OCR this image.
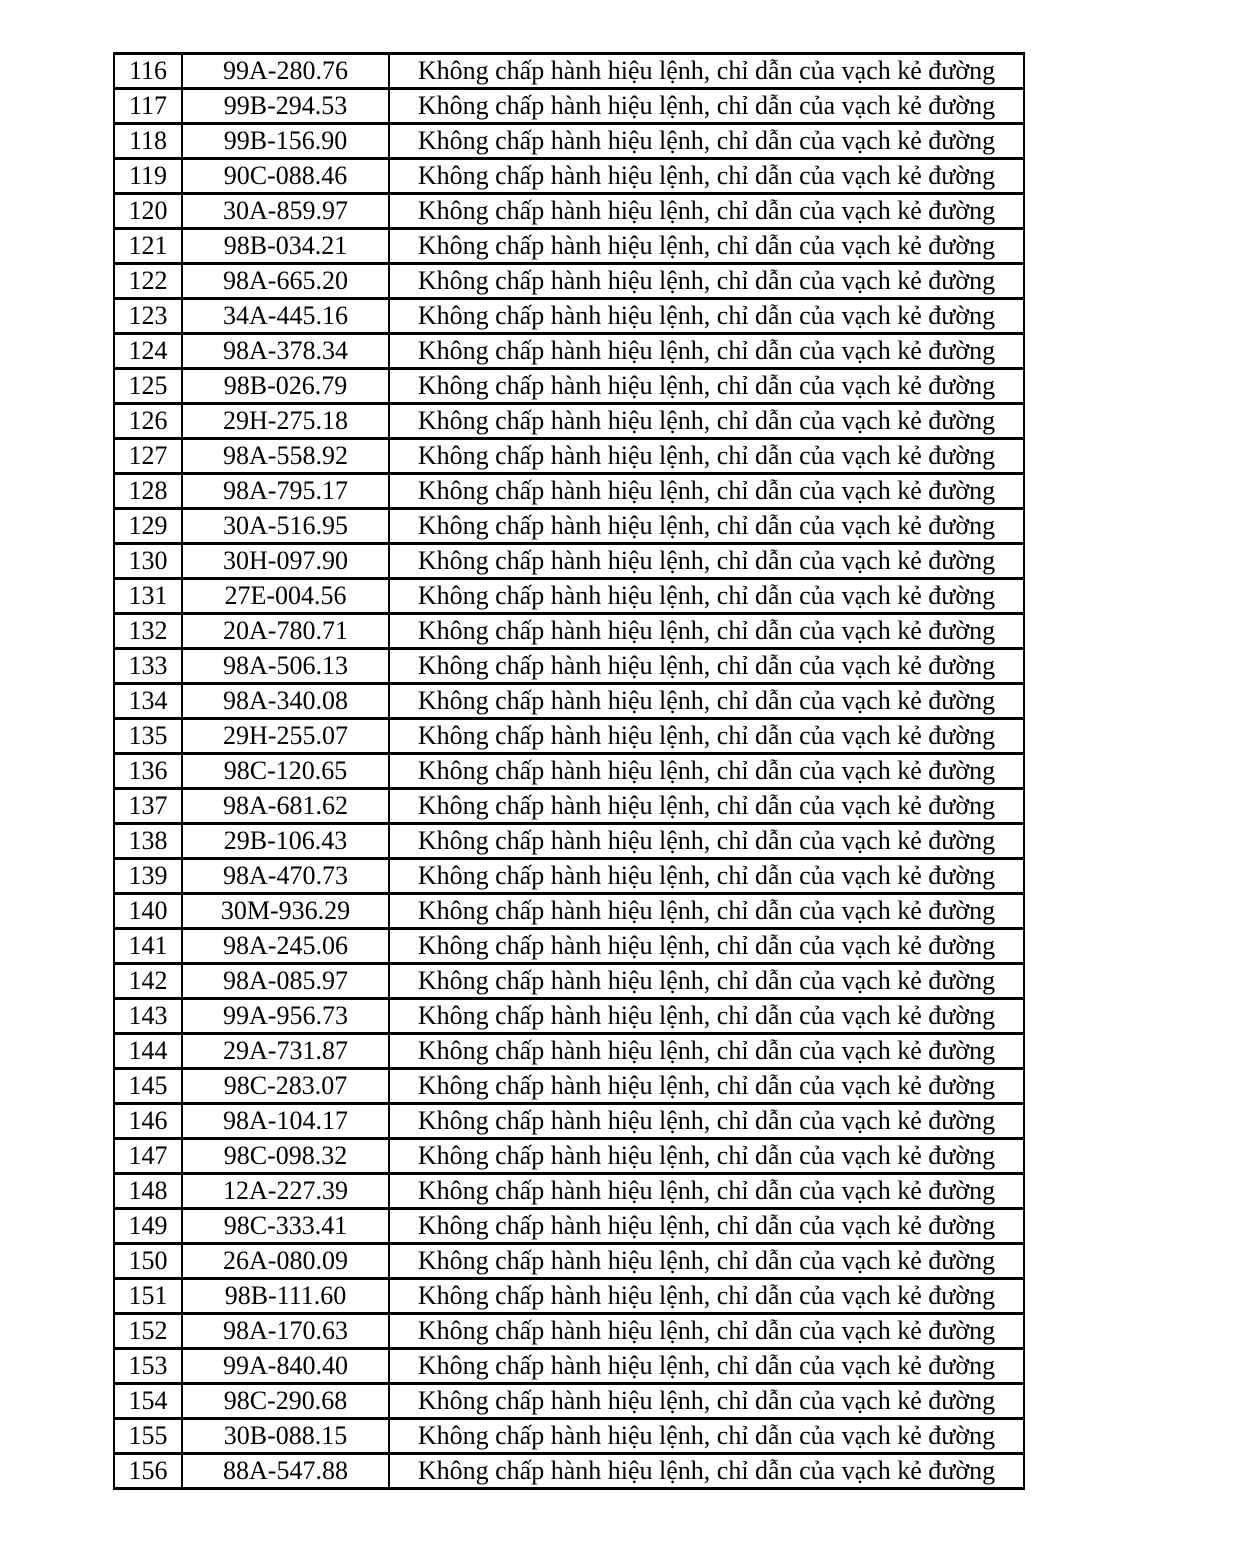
116	99A-280.76	Không chấp hành hiệu lệnh, chỉ dẫn của vạch kẻ đường
117	99B-294.53	Không chấp hành hiệu lệnh, chỉ dẫn của vạch kẻ đường
118	99B-156.90	Không chấp hành hiệu lệnh, chỉ dẫn của vạch kẻ đường
119	90C-088.46	Không chấp hành hiệu lệnh, chỉ dẫn của vạch kẻ đường
120	30A-859.97	Không chấp hành hiệu lệnh, chỉ dẫn của vạch kẻ đường
121	98B-034.21	Không chấp hành hiệu lệnh, chỉ dẫn của vạch kẻ đường
122	98A-665.20	Không chấp hành hiệu lệnh, chỉ dẫn của vạch kẻ đường
123	34A-445.16	Không chấp hành hiệu lệnh, chỉ dẫn của vạch kẻ đường
124	98A-378.34	Không chấp hành hiệu lệnh, chỉ dẫn của vạch kẻ đường
125	98B-026.79	Không chấp hành hiệu lệnh, chỉ dẫn của vạch kẻ đường
126	29H-275.18	Không chấp hành hiệu lệnh, chỉ dẫn của vạch kẻ đường
127	98A-558.92	Không chấp hành hiệu lệnh, chỉ dẫn của vạch kẻ đường
128	98A-795.17	Không chấp hành hiệu lệnh, chỉ dẫn của vạch kẻ đường
129	30A-516.95	Không chấp hành hiệu lệnh, chỉ dẫn của vạch kẻ đường
130	30H-097.90	Không chấp hành hiệu lệnh, chỉ dẫn của vạch kẻ đường
131	27E-004.56	Không chấp hành hiệu lệnh, chỉ dẫn của vạch kẻ đường
132	20A-780.71	Không chấp hành hiệu lệnh, chỉ dẫn của vạch kẻ đường
133	98A-506.13	Không chấp hành hiệu lệnh, chỉ dẫn của vạch kẻ đường
134	98A-340.08	Không chấp hành hiệu lệnh, chỉ dẫn của vạch kẻ đường
135	29H-255.07	Không chấp hành hiệu lệnh, chỉ dẫn của vạch kẻ đường
136	98C-120.65	Không chấp hành hiệu lệnh, chỉ dẫn của vạch kẻ đường
137	98A-681.62	Không chấp hành hiệu lệnh, chỉ dẫn của vạch kẻ đường
138	29B-106.43	Không chấp hành hiệu lệnh, chỉ dẫn của vạch kẻ đường
139	98A-470.73	Không chấp hành hiệu lệnh, chỉ dẫn của vạch kẻ đường
140	30M-936.29	Không chấp hành hiệu lệnh, chỉ dẫn của vạch kẻ đường
141	98A-245.06	Không chấp hành hiệu lệnh, chỉ dẫn của vạch kẻ đường
142	98A-085.97	Không chấp hành hiệu lệnh, chỉ dẫn của vạch kẻ đường
143	99A-956.73	Không chấp hành hiệu lệnh, chỉ dẫn của vạch kẻ đường
144	29A-731.87	Không chấp hành hiệu lệnh, chỉ dẫn của vạch kẻ đường
145	98C-283.07	Không chấp hành hiệu lệnh, chỉ dẫn của vạch kẻ đường
146	98A-104.17	Không chấp hành hiệu lệnh, chỉ dẫn của vạch kẻ đường
147	98C-098.32	Không chấp hành hiệu lệnh, chỉ dẫn của vạch kẻ đường
148	12A-227.39	Không chấp hành hiệu lệnh, chỉ dẫn của vạch kẻ đường
149	98C-333.41	Không chấp hành hiệu lệnh, chỉ dẫn của vạch kẻ đường
150	26A-080.09	Không chấp hành hiệu lệnh, chỉ dẫn của vạch kẻ đường
151	98B-111.60	Không chấp hành hiệu lệnh, chỉ dẫn của vạch kẻ đường
152	98A-170.63	Không chấp hành hiệu lệnh, chỉ dẫn của vạch kẻ đường
153	99A-840.40	Không chấp hành hiệu lệnh, chỉ dẫn của vạch kẻ đường
154	98C-290.68	Không chấp hành hiệu lệnh, chỉ dẫn của vạch kẻ đường
155	30B-088.15	Không chấp hành hiệu lệnh, chỉ dẫn của vạch kẻ đường
156	88A-547.88	Không chấp hành hiệu lệnh, chỉ dẫn của vạch kẻ đường
